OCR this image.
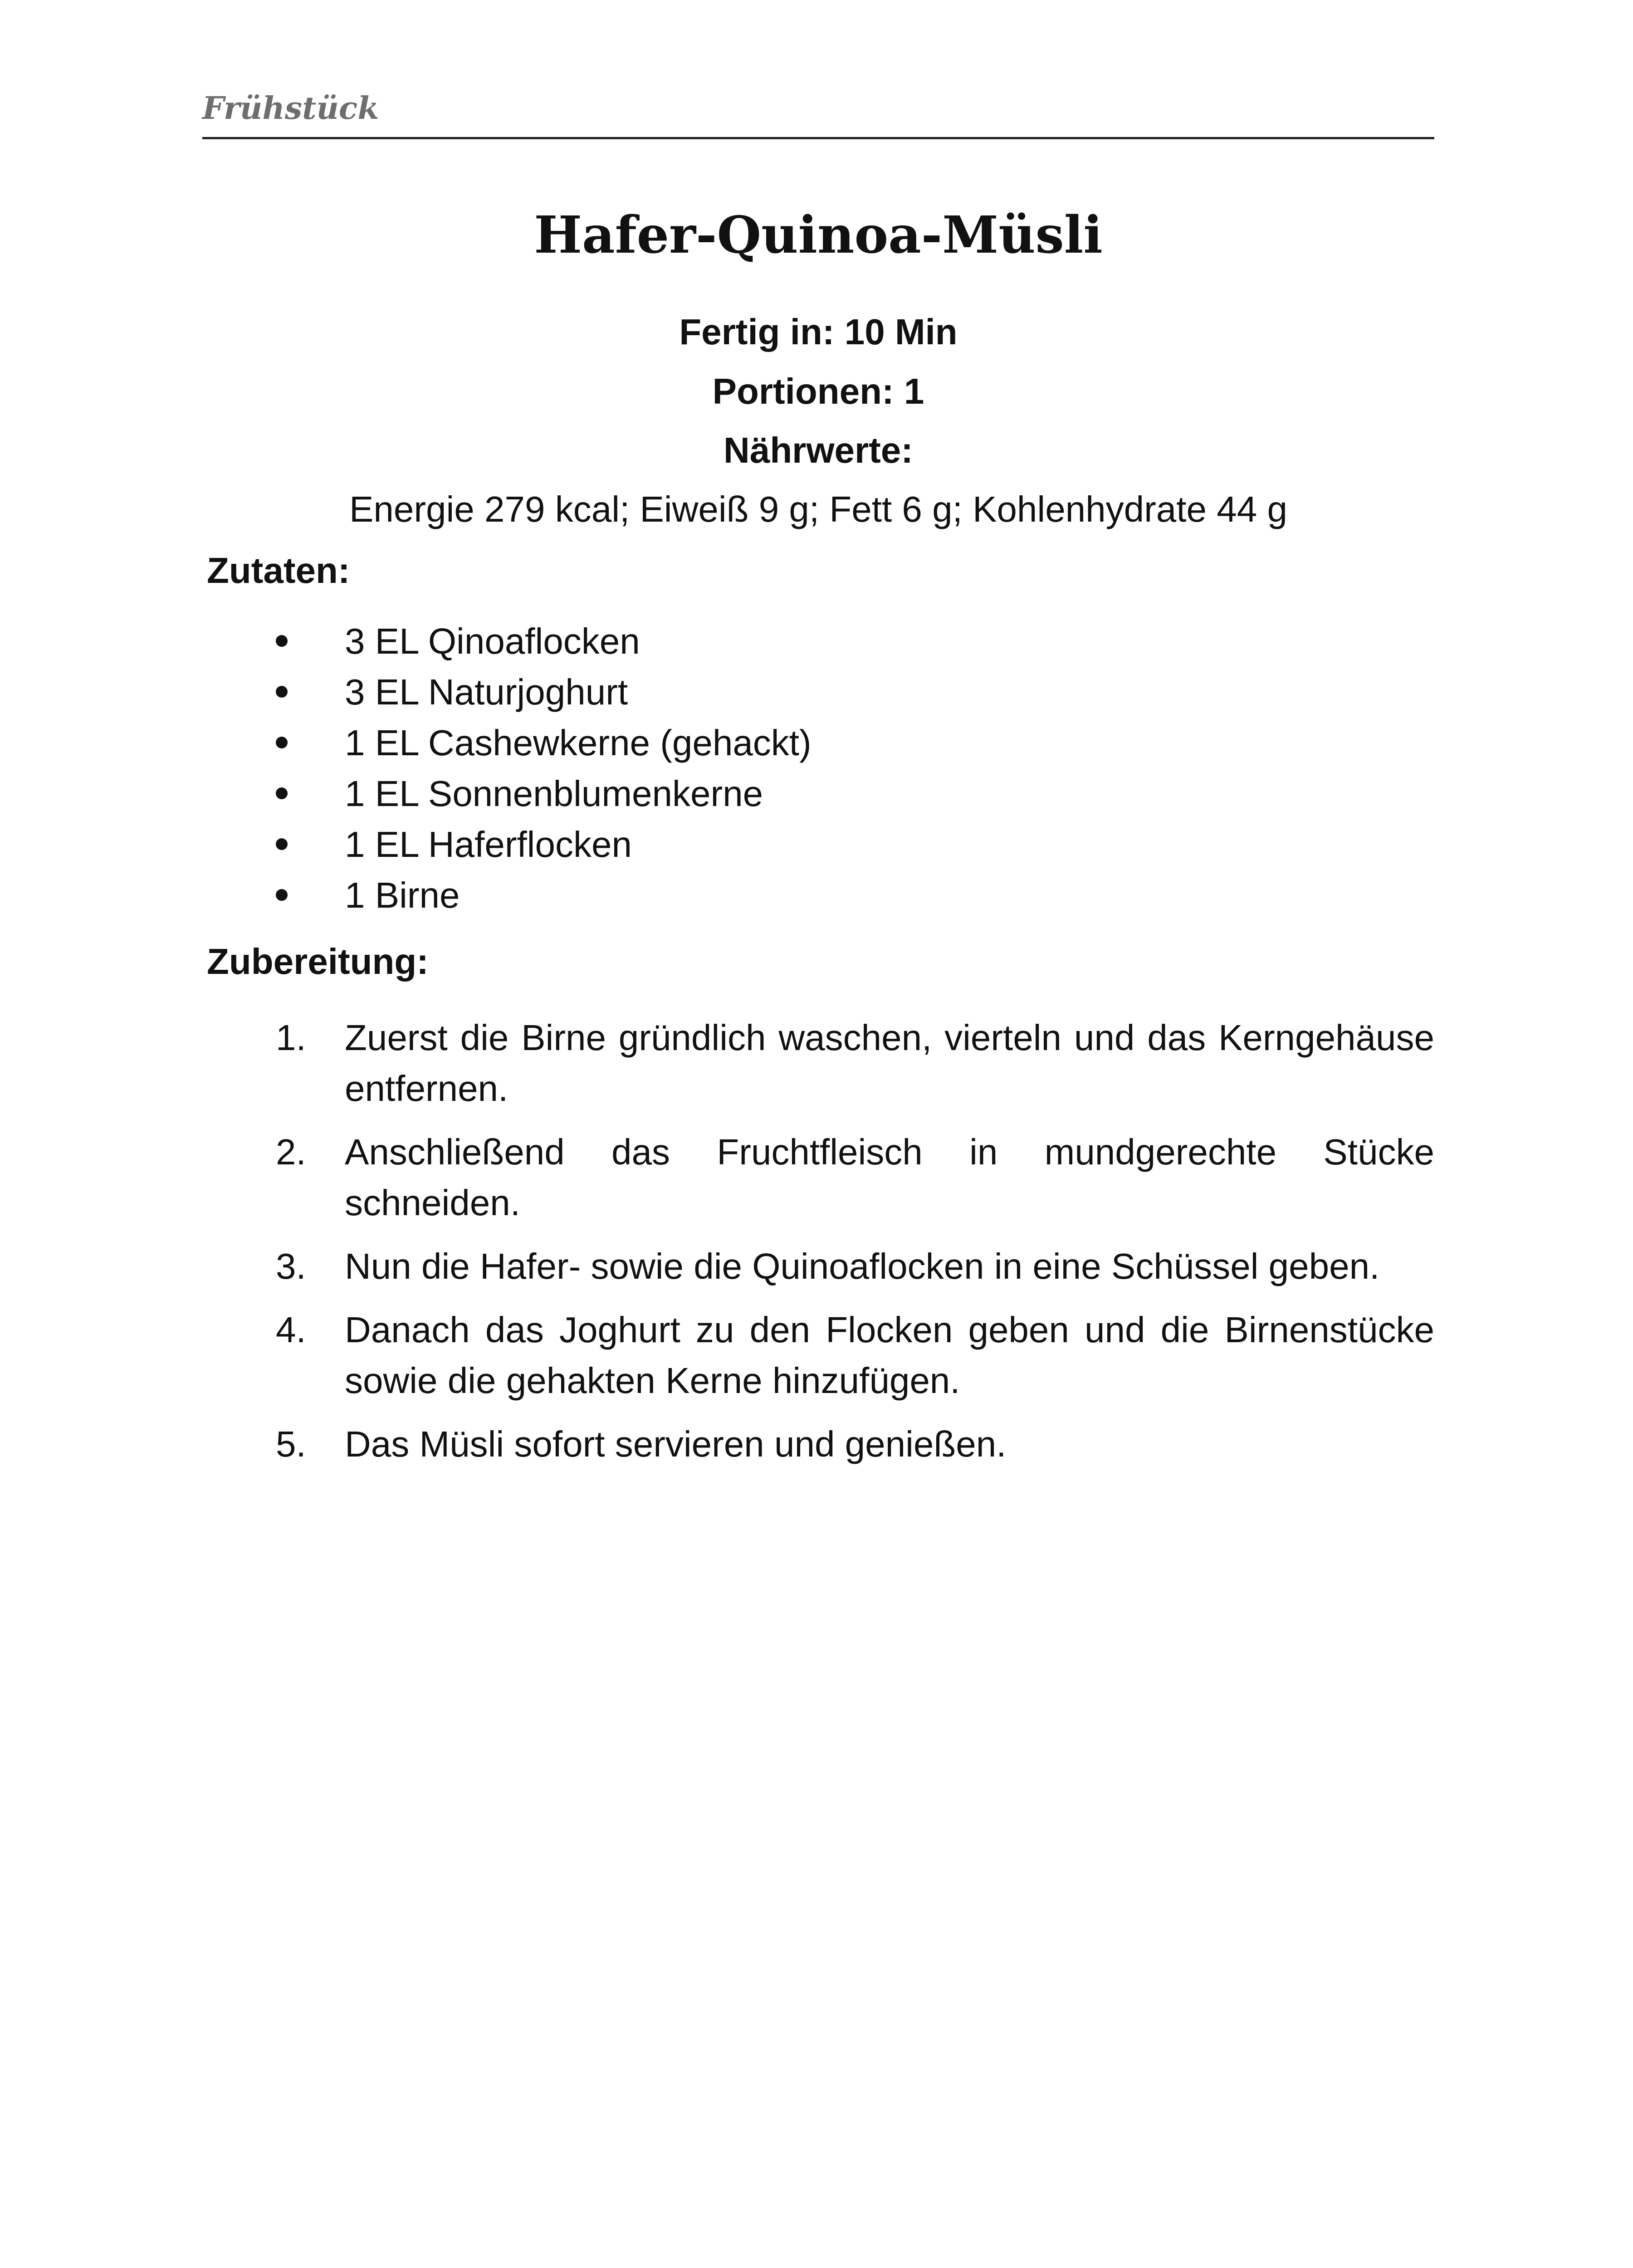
Frühstück
Hafer-Quinoa-Müsli
Fertig in: 10 Min
Portionen: 1
Nährwerte:
Energie 279 kcal; Eiweiß 9 g; Fett 6 g; Kohlenhydrate 44 g
Zutaten:
3 EL Qinoaflocken
3 EL Naturjoghurt
1 EL Cashewkerne (gehackt)
1 EL Sonnenblumenkerne
1 EL Haferflocken
1 Birne
Zubereitung:
1. Zuerst die Birne gründlich waschen, vierteln und das Kerngehäuse entfernen.
2. Anschließend das Fruchtfleisch in mundgerechte Stücke schneiden.
3. Nun die Hafer- sowie die Quinoaflocken in eine Schüssel geben.
4. Danach das Joghurt zu den Flocken geben und die Birnenstücke sowie die gehakten Kerne hinzufügen.
5. Das Müsli sofort servieren und genießen.
